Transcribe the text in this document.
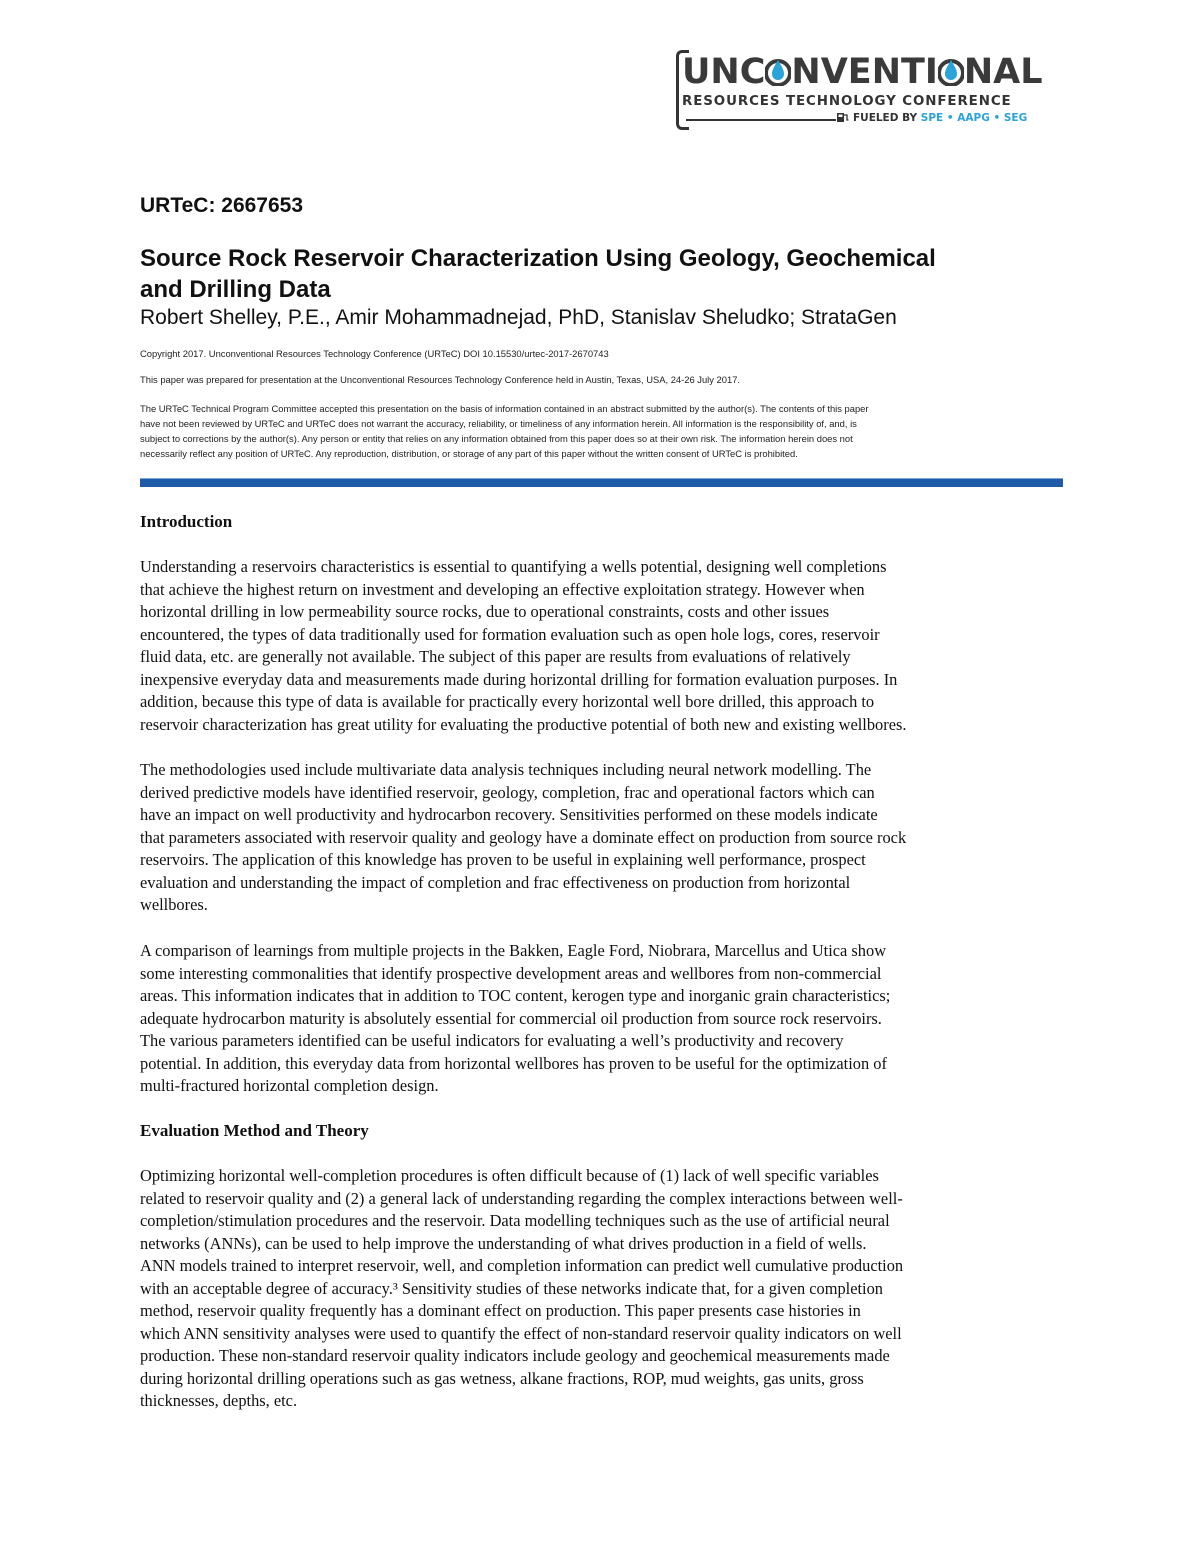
UNC NVENTI NAL
RESOURCES TECHNOLOGY CONFERENCE
FUELED BY SPE • AAPG • SEG
URTeC: 2667653
Source Rock Reservoir Characterization Using Geology, Geochemical
and Drilling Data
Robert Shelley, P.E., Amir Mohammadnejad, PhD, Stanislav Sheludko; StrataGen

Copyright 2017. Unconventional Resources Technology Conference (URTeC) DOI 10.15530/urtec-2017-2670743

This paper was prepared for presentation at the Unconventional Resources Technology Conference held in Austin, Texas, USA, 24-26 July 2017.

The URTeC Technical Program Committee accepted this presentation on the basis of information contained in an abstract submitted by the author(s). The contents of this paper
have not been reviewed by URTeC and URTeC does not warrant the accuracy, reliability, or timeliness of any information herein. All information is the responsibility of, and, is
subject to corrections by the author(s). Any person or entity that relies on any information obtained from this paper does so at their own risk. The information herein does not
necessarily reflect any position of URTeC. Any reproduction, distribution, or storage of any part of this paper without the written consent of URTeC is prohibited.

Introduction

Understanding a reservoirs characteristics is essential to quantifying a wells potential, designing well completions
that achieve the highest return on investment and developing an effective exploitation strategy. However when
horizontal drilling in low permeability source rocks, due to operational constraints, costs and other issues
encountered, the types of data traditionally used for formation evaluation such as open hole logs, cores, reservoir
fluid data, etc. are generally not available. The subject of this paper are results from evaluations of relatively
inexpensive everyday data and measurements made during horizontal drilling for formation evaluation purposes. In
addition, because this type of data is available for practically every horizontal well bore drilled, this approach to
reservoir characterization has great utility for evaluating the productive potential of both new and existing wellbores.

The methodologies used include multivariate data analysis techniques including neural network modelling. The
derived predictive models have identified reservoir, geology, completion, frac and operational factors which can
have an impact on well productivity and hydrocarbon recovery. Sensitivities performed on these models indicate
that parameters associated with reservoir quality and geology have a dominate effect on production from source rock
reservoirs. The application of this knowledge has proven to be useful in explaining well performance, prospect
evaluation and understanding the impact of completion and frac effectiveness on production from horizontal
wellbores.

A comparison of learnings from multiple projects in the Bakken, Eagle Ford, Niobrara, Marcellus and Utica show
some interesting commonalities that identify prospective development areas and wellbores from non-commercial
areas. This information indicates that in addition to TOC content, kerogen type and inorganic grain characteristics;
adequate hydrocarbon maturity is absolutely essential for commercial oil production from source rock reservoirs.
The various parameters identified can be useful indicators for evaluating a well’s productivity and recovery
potential. In addition, this everyday data from horizontal wellbores has proven to be useful for the optimization of
multi-fractured horizontal completion design.

Evaluation Method and Theory

Optimizing horizontal well-completion procedures is often difficult because of (1) lack of well specific variables
related to reservoir quality and (2) a general lack of understanding regarding the complex interactions between well-
completion/stimulation procedures and the reservoir. Data modelling techniques such as the use of artificial neural
networks (ANNs), can be used to help improve the understanding of what drives production in a field of wells.
ANN models trained to interpret reservoir, well, and completion information can predict well cumulative production
with an acceptable degree of accuracy.³ Sensitivity studies of these networks indicate that, for a given completion
method, reservoir quality frequently has a dominant effect on production. This paper presents case histories in
which ANN sensitivity analyses were used to quantify the effect of non-standard reservoir quality indicators on well
production. These non-standard reservoir quality indicators include geology and geochemical measurements made
during horizontal drilling operations such as gas wetness, alkane fractions, ROP, mud weights, gas units, gross
thicknesses, depths, etc.
